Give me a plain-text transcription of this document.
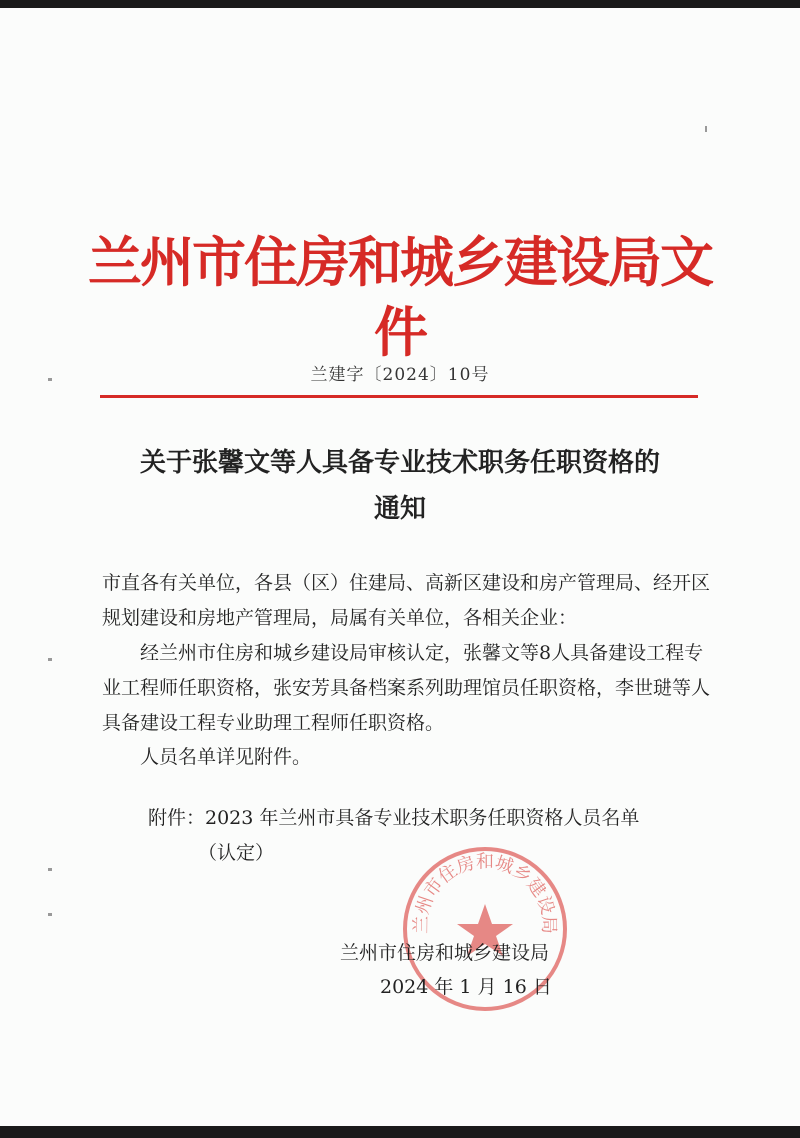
兰州市住房和城乡建设局文件
兰建字〔2024〕10号
关于张馨文等人具备专业技术职务任职资格的
通知

市直各有关单位，各县（区）住建局、高新区建设和房产管理局、经开区规划建设和房地产管理局，局属有关单位，各相关企业：

经兰州市住房和城乡建设局审核认定，张馨文等8人具备建设工程专业工程师任职资格，张安芳具备档案系列助理馆员任职资格，李世琎等人具备建设工程专业助理工程师任职资格。

人员名单详见附件。

附件：2023 年兰州市具备专业技术职务任职资格人员名单

（认定）

兰州市住房和城乡建设局

兰州市住房和城乡建设局

2024 年 1 月 16 日
